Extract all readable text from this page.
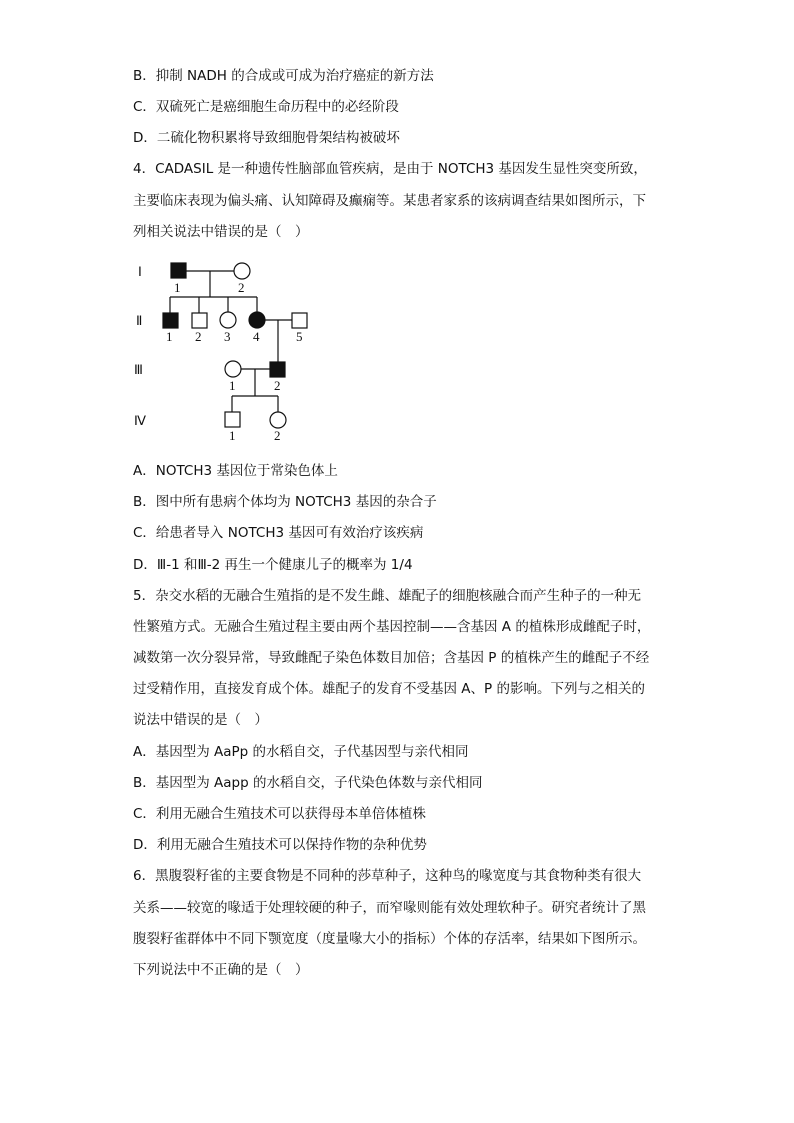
B．抑制 NADH 的合成或可成为治疗癌症的新方法
C．双硫死亡是癌细胞生命历程中的必经阶段
D．二硫化物积累将导致细胞骨架结构被破坏
4．CADASIL 是一种遗传性脑部血管疾病，是由于 NOTCH3 基因发生显性突变所致，
主要临床表现为偏头痛、认知障碍及癫痫等。某患者家系的该病调查结果如图所示，下
列相关说法中错误的是（　）
Ⅰ
Ⅱ
Ⅲ
Ⅳ
1	2
1 2 3 4	5
1	2
1	2
A．NOTCH3 基因位于常染色体上
B．图中所有患病个体均为 NOTCH3 基因的杂合子
C．给患者导入 NOTCH3 基因可有效治疗该疾病
D．Ⅲ-1 和Ⅲ-2 再生一个健康儿子的概率为 1/4
5．杂交水稻的无融合生殖指的是不发生雌、雄配子的细胞核融合而产生种子的一种无
性繁殖方式。无融合生殖过程主要由两个基因控制——含基因 A 的植株形成雌配子时，
减数第一次分裂异常，导致雌配子染色体数目加倍；含基因 P 的植株产生的雌配子不经
过受精作用，直接发育成个体。雄配子的发育不受基因 A、P 的影响。下列与之相关的
说法中错误的是（　）
A．基因型为 AaPp 的水稻自交，子代基因型与亲代相同
B．基因型为 Aapp 的水稻自交，子代染色体数与亲代相同
C．利用无融合生殖技术可以获得母本单倍体植株
D．利用无融合生殖技术可以保持作物的杂种优势
6．黑腹裂籽雀的主要食物是不同种的莎草种子，这种鸟的喙宽度与其食物种类有很大
关系——较宽的喙适于处理较硬的种子，而窄喙则能有效处理软种子。研究者统计了黑
腹裂籽雀群体中不同下颚宽度（度量喙大小的指标）个体的存活率，结果如下图所示。
下列说法中不正确的是（　）
